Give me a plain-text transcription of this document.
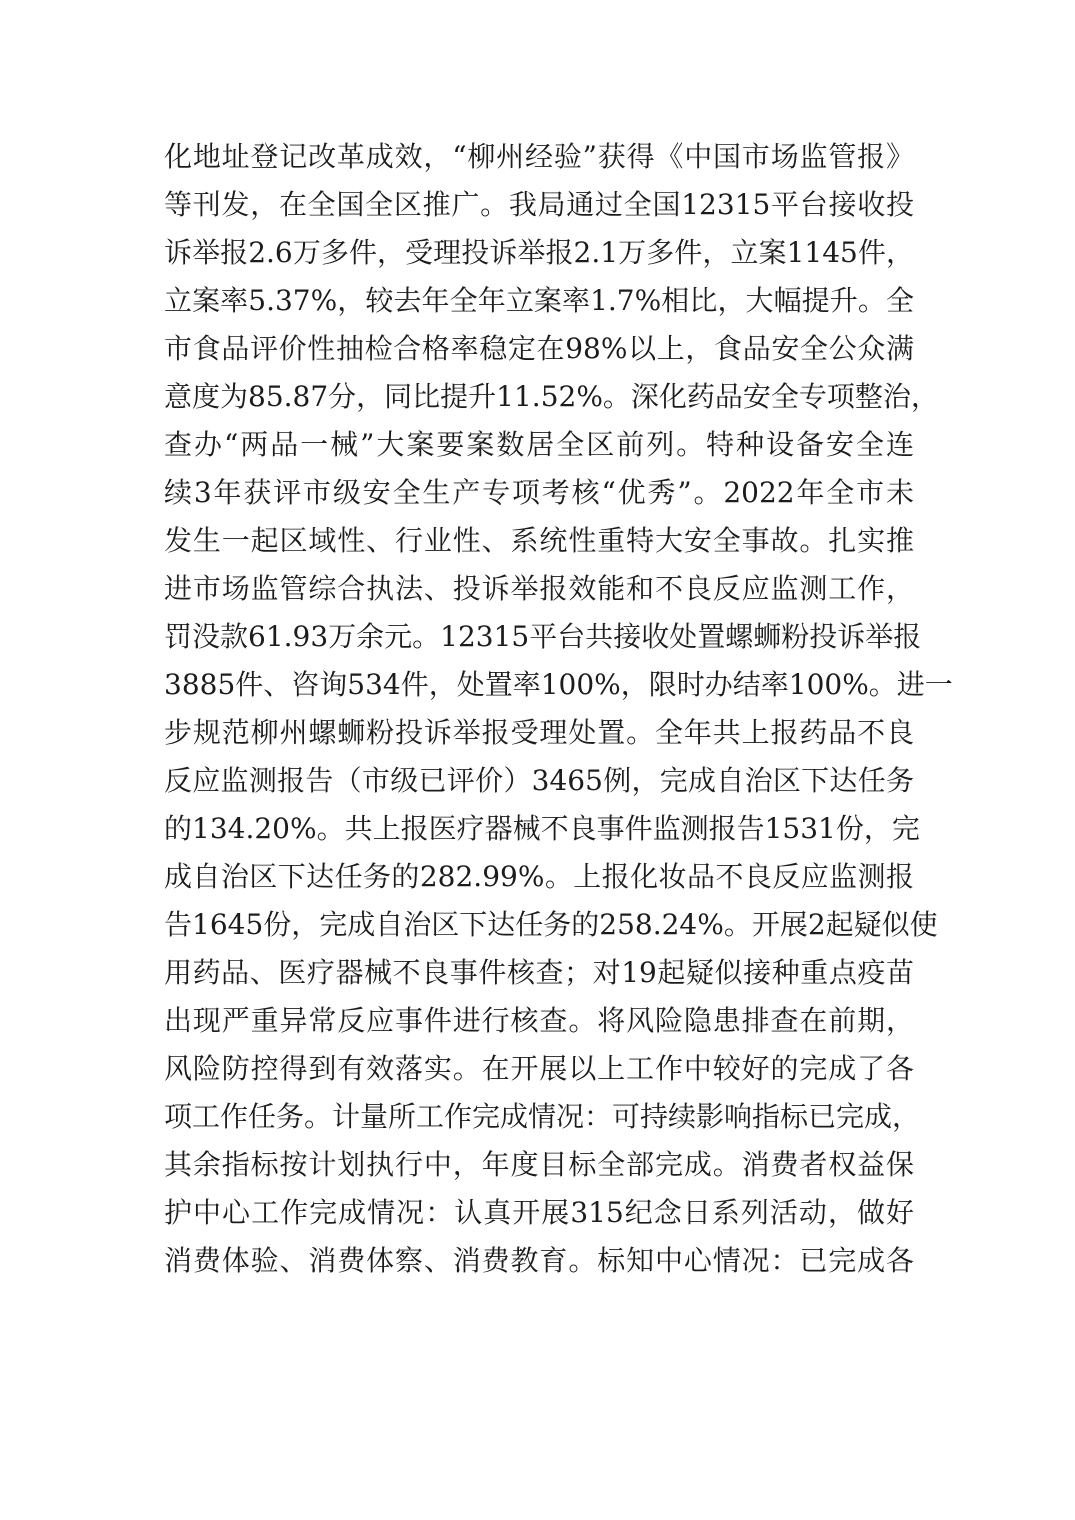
化地址登记改革成效，“柳州经验”获得《中国市场监管报》
等刊发，在全国全区推广。我局通过全国12315平台接收投
诉举报2.6万多件，受理投诉举报2.1万多件，立案1145件，
立案率5.37%，较去年全年立案率1.7%相比，大幅提升。全
市食品评价性抽检合格率稳定在98%以上，食品安全公众满
意度为85.87分，同比提升11.52%。深化药品安全专项整治，
查办“两品一械”大案要案数居全区前列。特种设备安全连
续3年获评市级安全生产专项考核“优秀”。2022年全市未
发生一起区域性、行业性、系统性重特大安全事故。扎实推
进市场监管综合执法、投诉举报效能和不良反应监测工作，
罚没款61.93万余元。12315平台共接收处置螺蛳粉投诉举报
3885件、咨询534件，处置率100%，限时办结率100%。进一
步规范柳州螺蛳粉投诉举报受理处置。全年共上报药品不良
反应监测报告（市级已评价）3465例，完成自治区下达任务
的134.20%。共上报医疗器械不良事件监测报告1531份，完
成自治区下达任务的282.99%。上报化妆品不良反应监测报
告1645份，完成自治区下达任务的258.24%。开展2起疑似使
用药品、医疗器械不良事件核查；对19起疑似接种重点疫苗
出现严重异常反应事件进行核查。将风险隐患排查在前期，
风险防控得到有效落实。在开展以上工作中较好的完成了各
项工作任务。计量所工作完成情况：可持续影响指标已完成，
其余指标按计划执行中，年度目标全部完成。消费者权益保
护中心工作完成情况：认真开展315纪念日系列活动，做好
消费体验、消费体察、消费教育。标知中心情况：已完成各
